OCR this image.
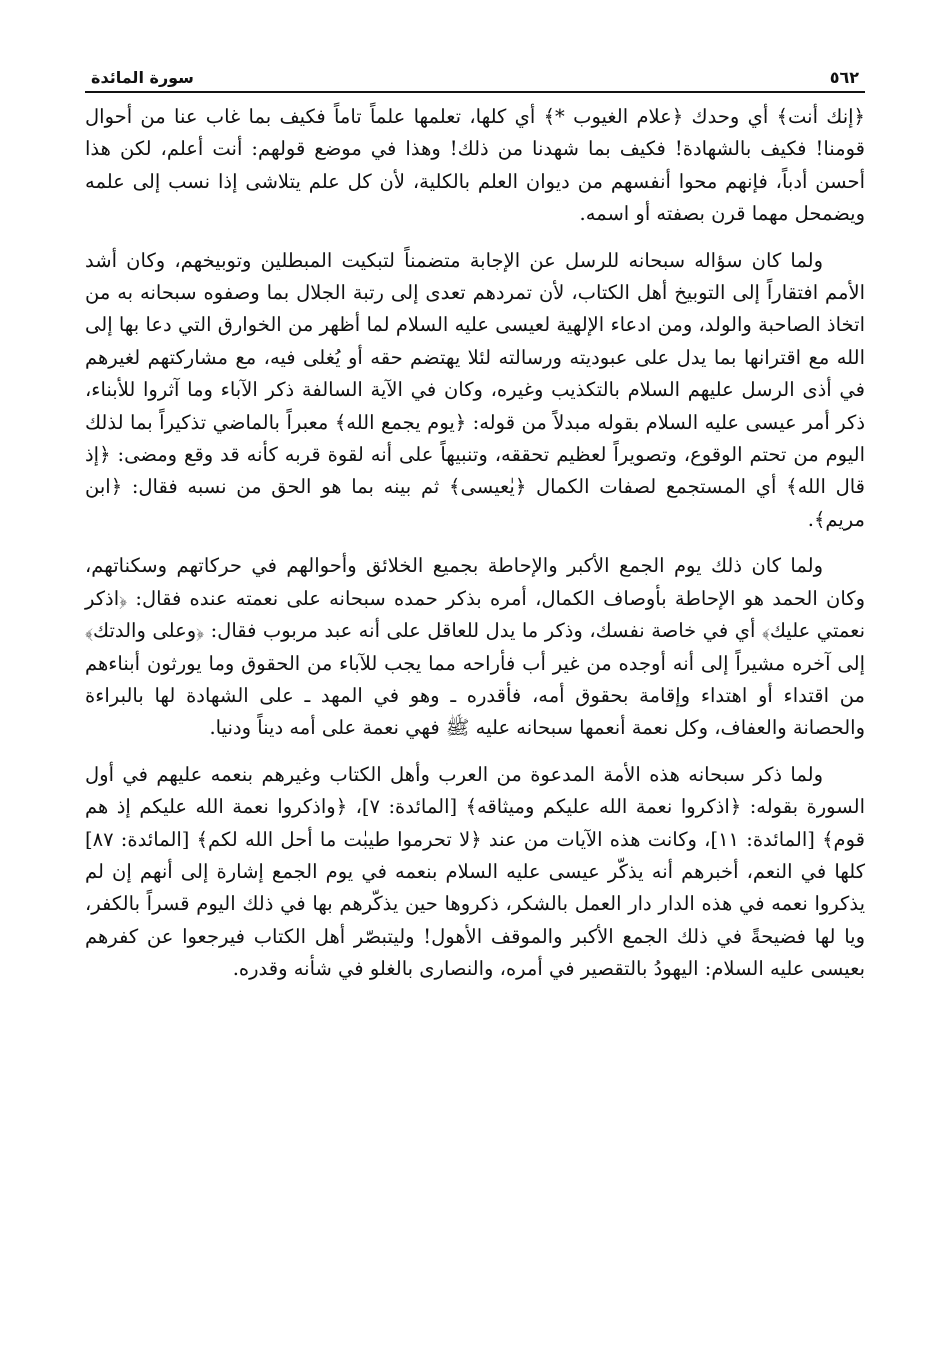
٥٦٢
سورة المائدة

﴿إنك أنت﴾ أي وحدك ﴿علام الغيوب *﴾ أي كلها، تعلمها علماً تاماً فكيف بما غاب عنا من أحوال قومنا! فكيف بالشهادة! فكيف بما شهدنا من ذلك! وهذا في موضع قولهم: أنت أعلم، لكن هذا أحسن أدباً، فإنهم محوا أنفسهم من ديوان العلم بالكلية، لأن كل علم يتلاشى إذا نسب إلى علمه ويضمحل مهما قرن بصفته أو اسمه.

ولما كان سؤاله سبحانه للرسل عن الإجابة متضمناً لتبكيت المبطلين وتوبيخهم، وكان أشد الأمم افتقاراً إلى التوبيخ أهل الكتاب، لأن تمردهم تعدى إلى رتبة الجلال بما وصفوه سبحانه به من اتخاذ الصاحبة والولد، ومن ادعاء الإلهية لعيسى عليه السلام لما أظهر من الخوارق التي دعا بها إلى الله مع اقترانها بما يدل على عبوديته ورسالته لئلا يهتضم حقه أو يُغلى فيه، مع مشاركتهم لغيرهم في أذى الرسل عليهم السلام بالتكذيب وغيره، وكان في الآية السالفة ذكر الآباء وما آثروا للأبناء، ذكر أمر عيسى عليه السلام بقوله مبدلاً من قوله: ﴿يوم يجمع الله﴾ معبراً بالماضي تذكيراً بما لذلك اليوم من تحتم الوقوع، وتصويراً لعظيم تحققه، وتنبيهاً على أنه لقوة قربه كأنه قد وقع ومضى: ﴿إذ قال الله﴾ أي المستجمع لصفات الكمال ﴿يٰعيسى﴾ ثم بينه بما هو الحق من نسبه فقال: ﴿ابن مريم﴾.

ولما كان ذلك يوم الجمع الأكبر والإحاطة بجميع الخلائق وأحوالهم في حركاتهم وسكناتهم، وكان الحمد هو الإحاطة بأوصاف الكمال، أمره بذكر حمده سبحانه على نعمته عنده فقال: ﴿اذكر نعمتي عليك﴾ أي في خاصة نفسك، وذكر ما يدل للعاقل على أنه عبد مربوب فقال: ﴿وعلى والدتك﴾ إلى آخره مشيراً إلى أنه أوجده من غير أب فأراحه مما يجب للآباء من الحقوق وما يورثون أبناءهم من اقتداء أو اهتداء وإقامة بحقوق أمه، فأقدره ـ وهو في المهد ـ على الشهادة لها بالبراءة والحصانة والعفاف، وكل نعمة أنعمها سبحانه عليه ﷺ فهي نعمة على أمه ديناً ودنيا.

ولما ذكر سبحانه هذه الأمة المدعوة من العرب وأهل الكتاب وغيرهم بنعمه عليهم في أول السورة بقوله: ﴿اذكروا نعمة الله عليكم وميثاقه﴾ [المائدة: ٧]، ﴿واذكروا نعمة الله عليكم إذ هم قوم﴾ [المائدة: ١١]، وكانت هذه الآيات من عند ﴿لا تحرموا طيبٰت ما أحل الله لكم﴾ [المائدة: ٨٧] كلها في النعم، أخبرهم أنه يذكّر عيسى عليه السلام بنعمه في يوم الجمع إشارة إلى أنهم إن لم يذكروا نعمه في هذه الدار دار العمل بالشكر، ذكروها حين يذكّرهم بها في ذلك اليوم قسراً بالكفر، ويا لها فضيحةً في ذلك الجمع الأكبر والموقف الأهول! وليتبصّر أهل الكتاب فيرجعوا عن كفرهم بعيسى عليه السلام: اليهودُ بالتقصير في أمره، والنصارى بالغلو في شأنه وقدره.
